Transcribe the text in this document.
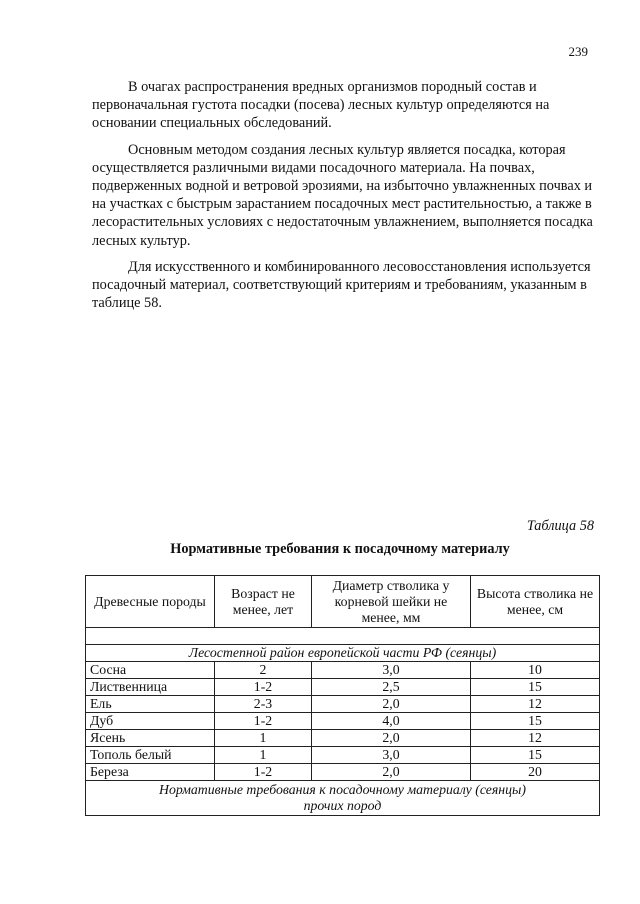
239

В очагах распространения вредных организмов породный состав и первоначальная густота посадки (посева) лесных культур определяются на основании специальных обследований.

Основным методом создания лесных культур является посадка, которая осуществляется различными видами посадочного материала. На почвах, подверженных водной и ветровой эрозиями, на избыточно увлажненных почвах и на участках с быстрым зарастанием посадочных мест растительностью, а также в лесорастительных условиях с недостаточным увлажнением, выполняется посадка лесных культур.

Для искусственного и комбинированного лесовосстановления используется посадочный материал, соответствующий критериям и требованиям, указанным в таблице 58.

Таблица 58
Нормативные требования к посадочному материалу
Древесные породы	Возраст не менее, лет	Диаметр стволика у корневой шейки не менее, мм	Высота стволика не менее, см

Лесостепной район европейской части РФ (сеянцы)			
Сосна	2	3,0	10
Лиственница	1-2	2,5	15
Ель	2-3	2,0	12
Дуб	1-2	4,0	15
Ясень	1	2,0	12
Тополь белый	1	3,0	15
Береза	1-2	2,0	20
Нормативные требования к посадочному материалу (сеянцы)
прочих пород			
